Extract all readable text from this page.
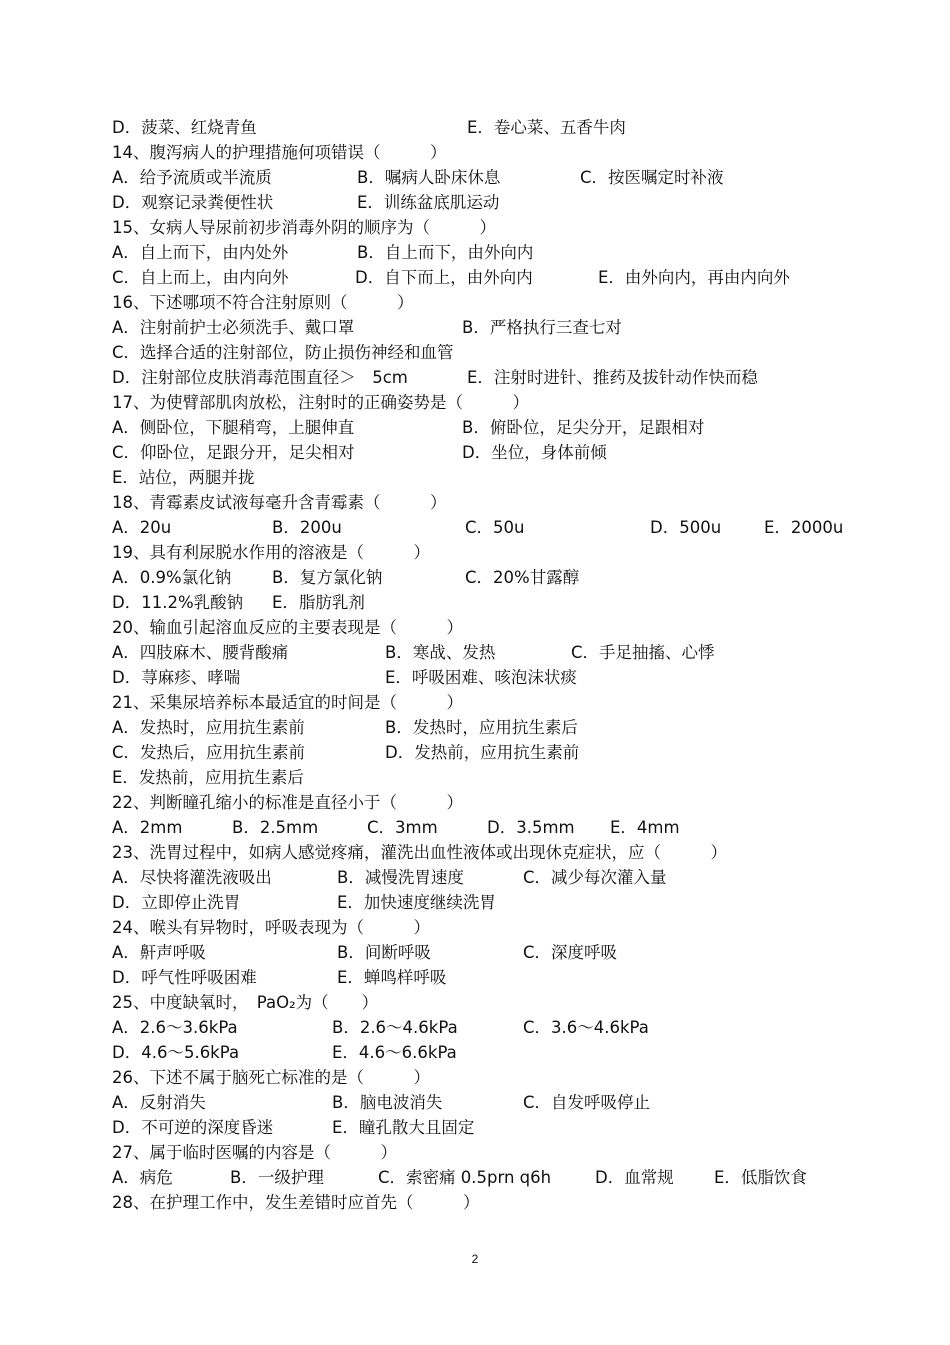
D．菠菜、红烧青鱼	E．卷心菜、五香牛肉
14、腹泻病人的护理措施何项错误（　　　）
A．给予流质或半流质	B．嘱病人卧床休息	C．按医嘱定时补液
D．观察记录粪便性状	E．训练盆底肌运动
15、女病人导尿前初步消毒外阴的顺序为（　　　）
A．自上而下，由内处外	B．自上而下，由外向内
C．自上而上，由内向外	D．自下而上，由外向内	E．由外向内，再由内向外
16、下述哪项不符合注射原则（　　　）
A．注射前护士必须洗手、戴口罩	B．严格执行三查七对
C．选择合适的注射部位，防止损伤神经和血管
D．注射部位皮肤消毒范围直径＞　5cm	E．注射时进针、推药及拔针动作快而稳
17、为使臂部肌肉放松，注射时的正确姿势是（　　　）
A．侧卧位，下腿稍弯，上腿伸直	B．俯卧位，足尖分开，足跟相对
C．仰卧位，足跟分开，足尖相对	D．坐位，身体前倾
E．站位，两腿并拢
18、青霉素皮试液每毫升含青霉素（　　　）
A．20u	B．200u	C．50u	D．500u	E．2000u
19、具有利尿脱水作用的溶液是（　　　）
A．0.9%氯化钠 B．复方氯化钠	C．20%甘露醇
D．11.2%乳酸钠 E．脂肪乳剂
20、输血引起溶血反应的主要表现是（　　　）
A．四肢麻木、腰背酸痛	B．寒战、发热	C．手足抽搐、心悸
D．荨麻疹、哮喘	E．呼吸困难、咳泡沫状痰
21、采集尿培养标本最适宜的时间是（　　　）
A．发热时，应用抗生素前	B．发热时，应用抗生素后
C．发热后，应用抗生素前	D．发热前，应用抗生素前
E．发热前，应用抗生素后
22、判断瞳孔缩小的标准是直径小于（　　　）
A．2mm	B．2.5mm	C．3mm	D．3.5mm E．4mm
23、洗胃过程中，如病人感觉疼痛，灌洗出血性液体或出现休克症状，应（　　　）
A．尽快将灌洗液吸出	B．减慢洗胃速度	C．减少每次灌入量
D．立即停止洗胃	E．加快速度继续洗胃
24、喉头有异物时，呼吸表现为（　　　）
A．鼾声呼吸	B．间断呼吸	C．深度呼吸
D．呼气性呼吸困难	E．蝉鸣样呼吸
25、中度缺氧时，　PaO₂为（　　）
A．2.6～3.6kPa	B．2.6～4.6kPa	C．3.6～4.6kPa
D．4.6～5.6kPa	E．4.6～6.6kPa
26、下述不属于脑死亡标准的是（　　　）
A．反射消失	B．脑电波消失	C．自发呼吸停止
D．不可逆的深度昏迷	E．瞳孔散大且固定
27、属于临时医嘱的内容是（　　　）
A．病危	B．一级护理	C．索密痛 0.5prn q6h	D．血常规 E．低脂饮食
28、在护理工作中，发生差错时应首先（　　　）
2
